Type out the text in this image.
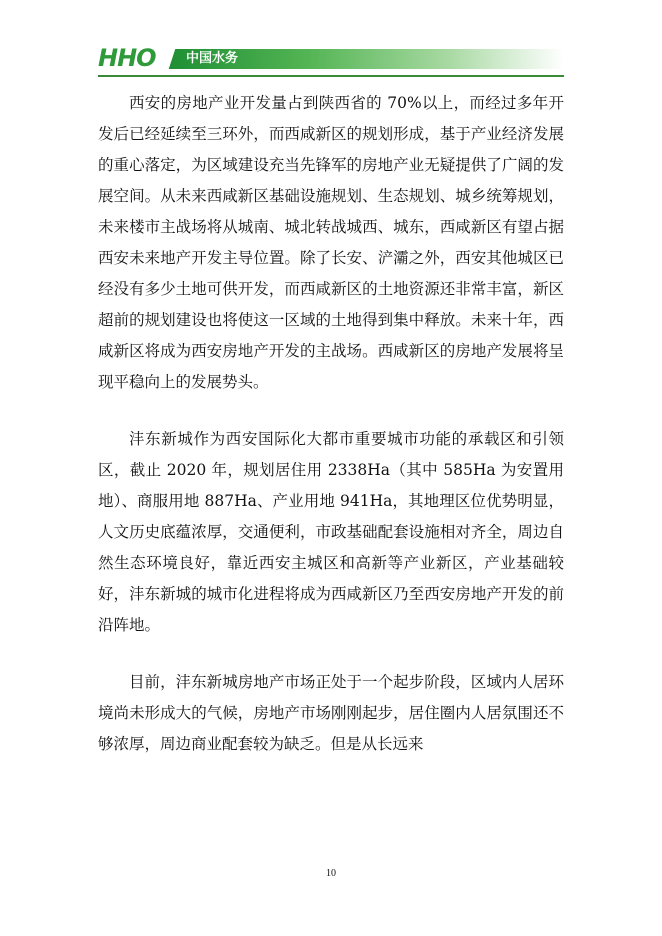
HHO 中国水务

西安的房地产业开发量占到陕西省的 70%以上，而经过多年开发后已经延续至三环外，而西咸新区的规划形成，基于产业经济发展的重心落定，为区域建设充当先锋军的房地产业无疑提供了广阔的发展空间。从未来西咸新区基础设施规划、生态规划、城乡统筹规划，未来楼市主战场将从城南、城北转战城西、城东，西咸新区有望占据西安未来地产开发主导位置。除了长安、浐灞之外，西安其他城区已经没有多少土地可供开发，而西咸新区的土地资源还非常丰富，新区超前的规划建设也将使这一区域的土地得到集中释放。未来十年，西咸新区将成为西安房地产开发的主战场。西咸新区的房地产发展将呈现平稳向上的发展势头。

沣东新城作为西安国际化大都市重要城市功能的承载区和引领区，截止 2020 年，规划居住用 2338Ha（其中 585Ha 为安置用地）、商服用地 887Ha、产业用地 941Ha，其地理区位优势明显，人文历史底蕴浓厚，交通便利，市政基础配套设施相对齐全，周边自然生态环境良好，靠近西安主城区和高新等产业新区，产业基础较好，沣东新城的城市化进程将成为西咸新区乃至西安房地产开发的前沿阵地。

目前，沣东新城房地产市场正处于一个起步阶段，区域内人居环境尚未形成大的气候，房地产市场刚刚起步，居住圈内人居氛围还不够浓厚，周边商业配套较为缺乏。但是从长远来

10
